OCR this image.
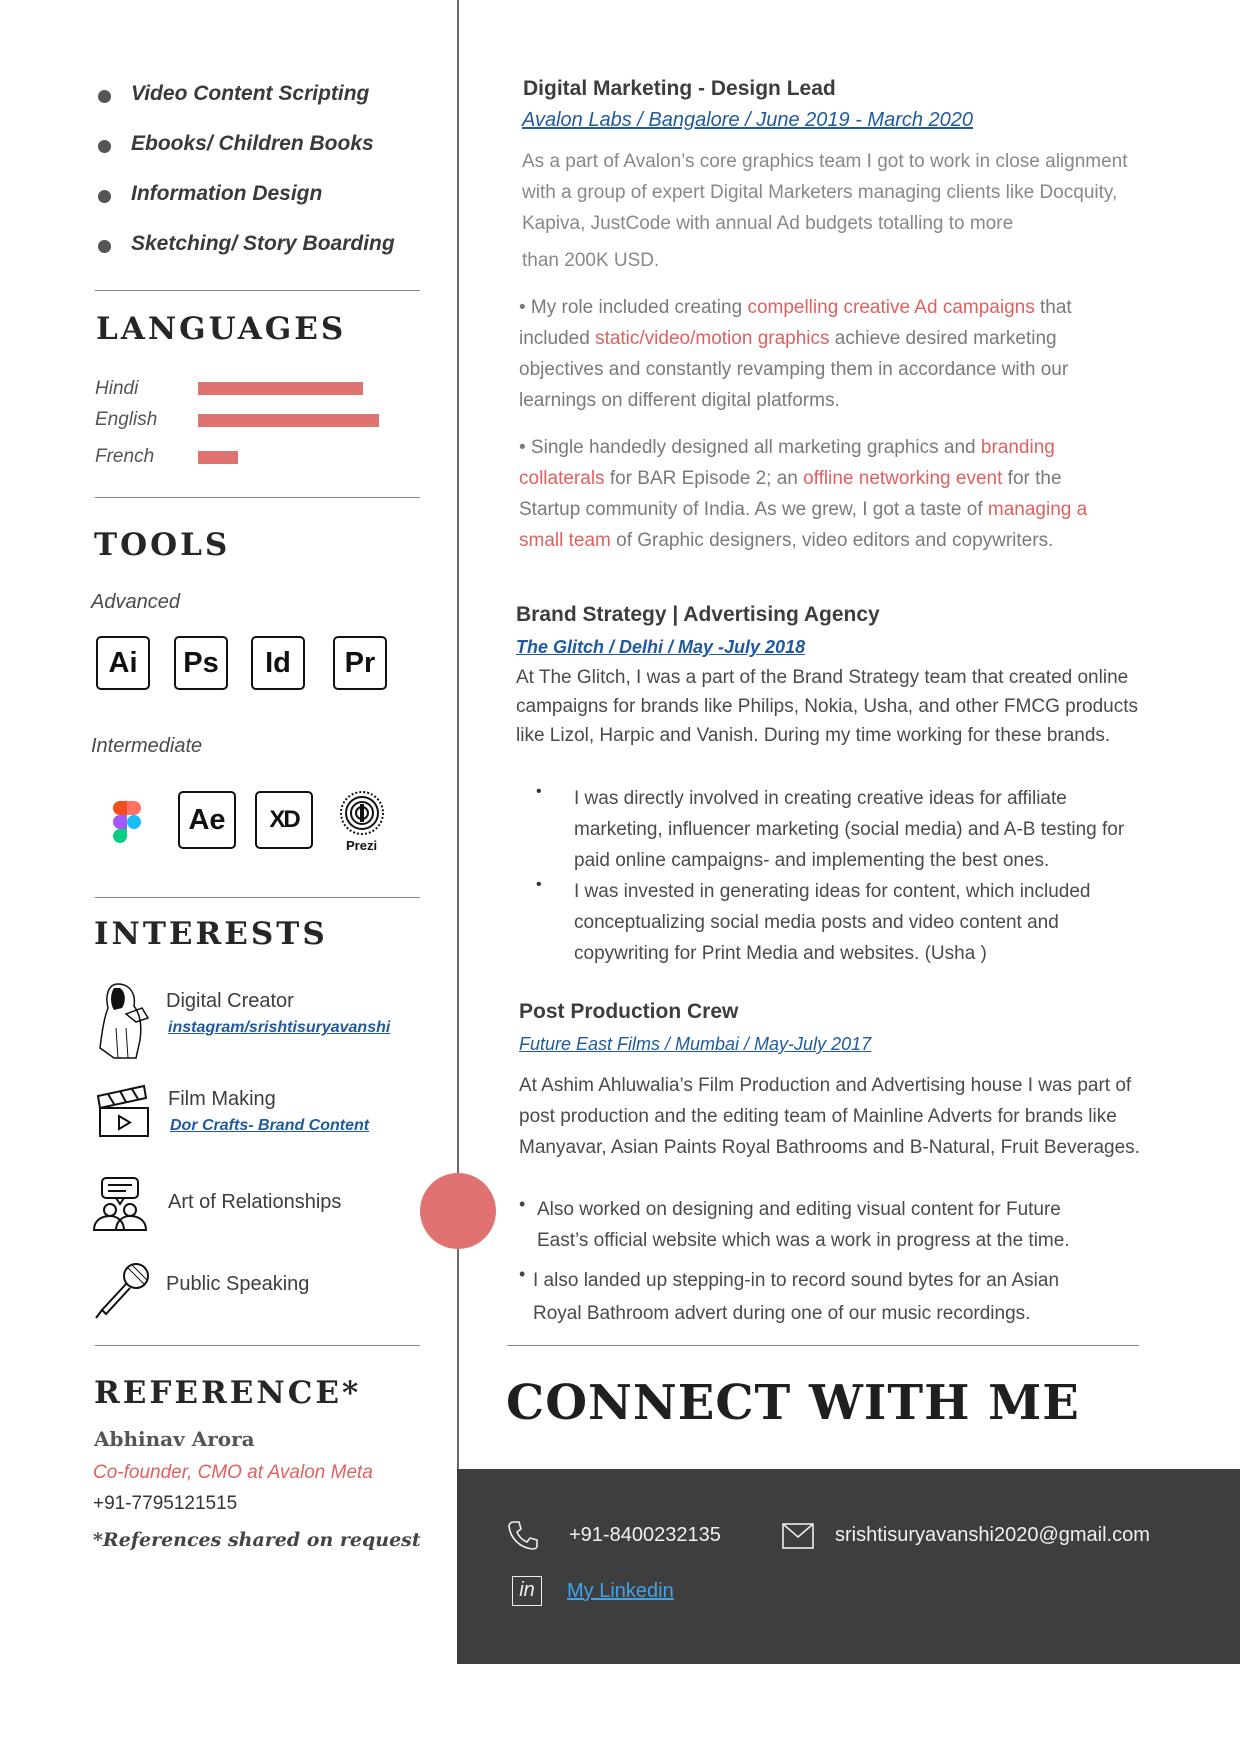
Video Content Scripting
Ebooks/ Children Books
Information Design
Sketching/ Story Boarding
LANGUAGES
Hindi
English
French
TOOLS
Advanced
Ai	Ps	Id	Pr
Intermediate
Ae	XD
Prezi
INTERESTS
Digital Creator
instagram/srishtisuryavanshi
Film Making
Dor Crafts- Brand Content
Art of Relationships
Public Speaking
REFERENCE*
Abhinav Arora
Co-founder, CMO at Avalon Meta
+91-7795121515
*References shared on request
Digital Marketing - Design Lead
Avalon Labs / Bangalore / June 2019 - March 2020
As a part of Avalon’s core graphics team I got to work in close alignment
with a group of expert Digital Marketers managing clients like Docquity,
Kapiva, JustCode with annual Ad budgets totalling to more
than 200K USD.
• My role included creating compelling creative Ad campaigns that included static/video/motion graphics achieve desired marketing objectives and constantly revamping them in accordance with our learnings on different digital platforms.
• Single handedly designed all marketing graphics and branding collaterals for BAR Episode 2; an offline networking event for the Startup community of India. As we grew, I got a taste of managing a small team of Graphic designers, video editors and copywriters.
Brand Strategy | Advertising Agency
The Glitch / Delhi / May -July 2018
At The Glitch, I was a part of the Brand Strategy team that created online campaigns for brands like Philips, Nokia, Usha, and other FMCG products like Lizol, Harpic and Vanish. During my time working for these brands.
• I was directly involved in creating creative ideas for affiliate marketing, influencer marketing (social media) and A-B testing for paid online campaigns- and implementing the best ones.
• I was invested in generating ideas for content, which included conceptualizing social media posts and video content and copywriting for Print Media and websites. (Usha )
Post Production Crew
Future East Films / Mumbai / May-July 2017
At Ashim Ahluwalia’s Film Production and Advertising house I was part of post production and the editing team of Mainline Adverts for brands like Manyavar, Asian Paints Royal Bathrooms and B-Natural, Fruit Beverages.
• Also worked on designing and editing visual content for Future East’s official website which was a work in progress at the time.
• I also landed up stepping-in to record sound bytes for an Asian Royal Bathroom advert during one of our music recordings.
CONNECT WITH ME
+91-8400232135	srishtisuryavanshi2020@gmail.com
in	My Linkedin
